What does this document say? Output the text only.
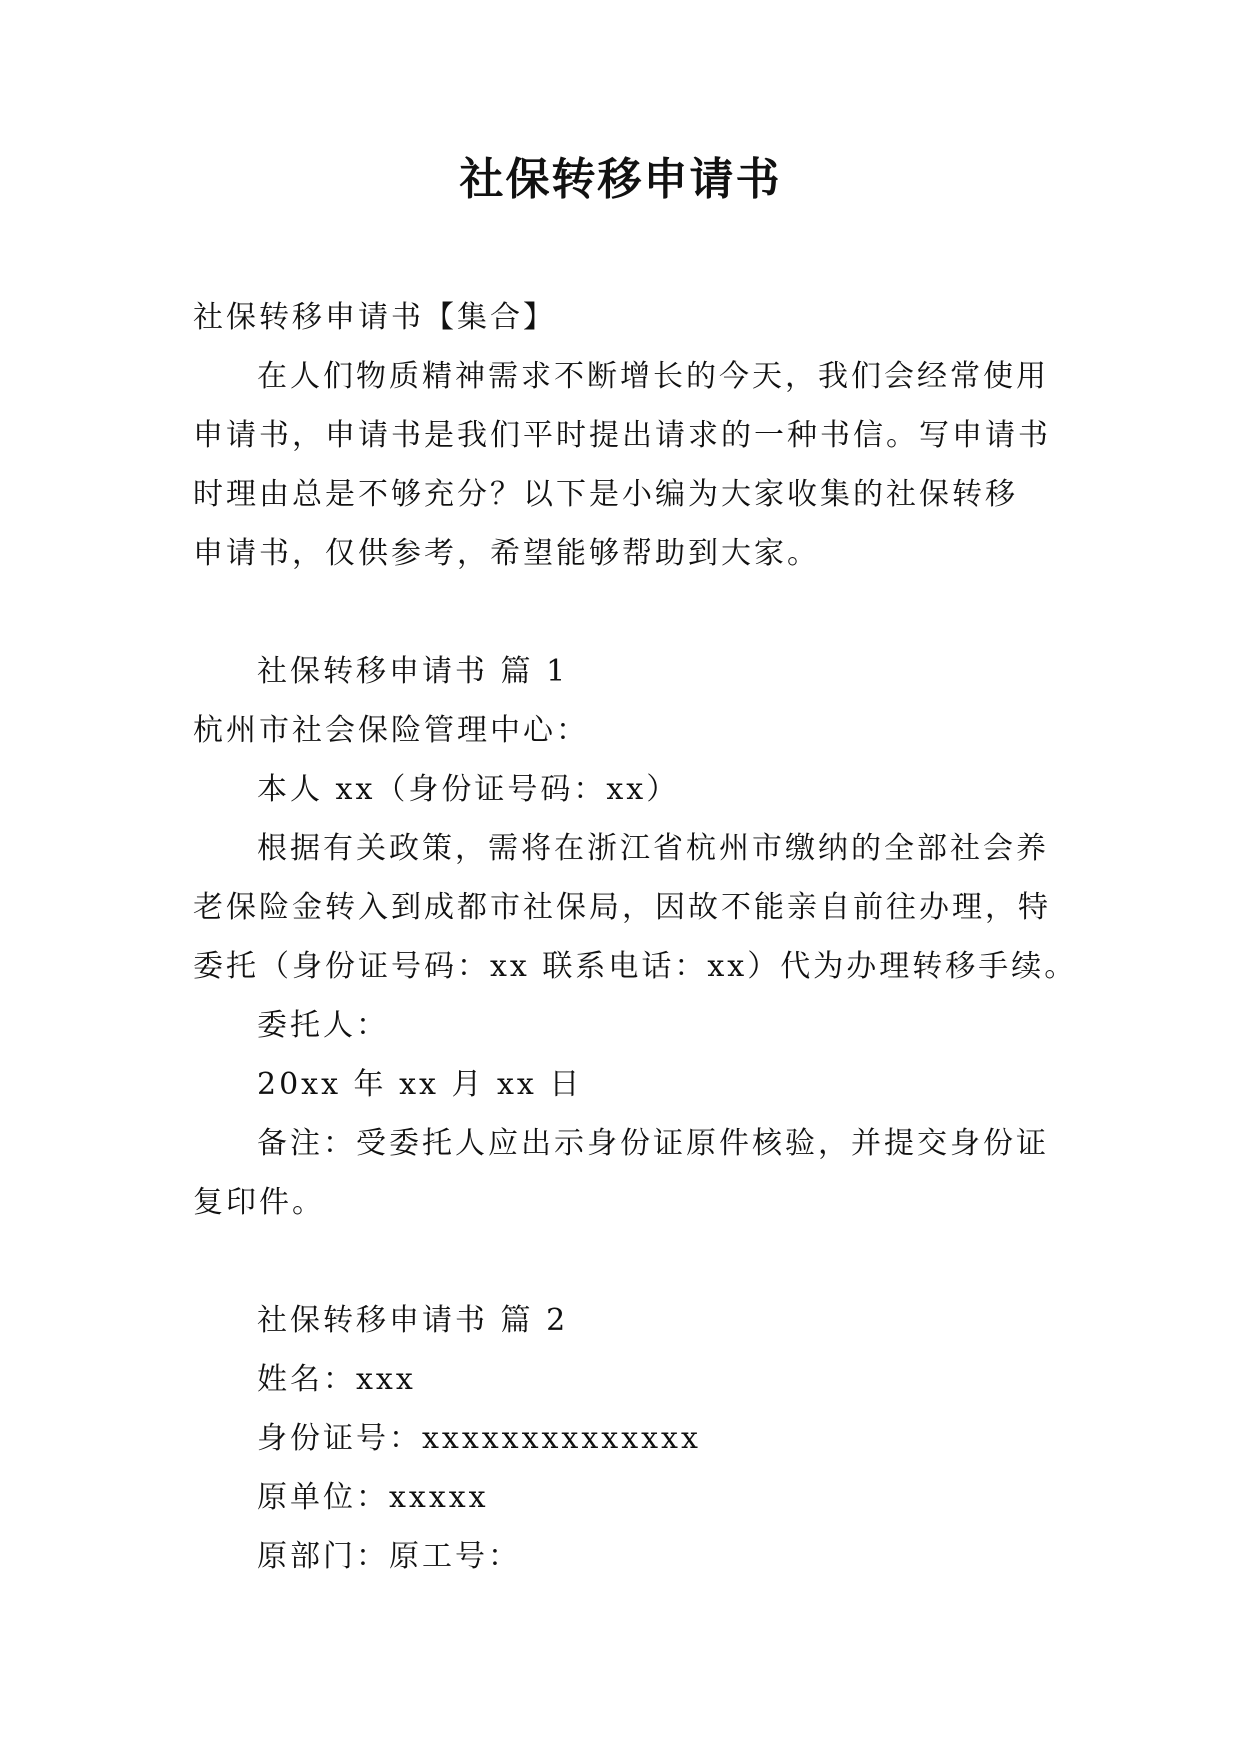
社保转移申请书

社保转移申请书【集合】

在人们物质精神需求不断增长的今天，我们会经常使用

申请书，申请书是我们平时提出请求的一种书信。写申请书

时理由总是不够充分？以下是小编为大家收集的社保转移

申请书，仅供参考，希望能够帮助到大家。

社保转移申请书 篇 1

杭州市社会保险管理中心：

本人 xx（身份证号码：xx）

根据有关政策，需将在浙江省杭州市缴纳的全部社会养

老保险金转入到成都市社保局，因故不能亲自前往办理，特

委托（身份证号码：xx 联系电话：xx）代为办理转移手续。

委托人：

20xx 年 xx 月 xx 日

备注：受委托人应出示身份证原件核验，并提交身份证

复印件。

社保转移申请书 篇 2

姓名：xxx

身份证号：xxxxxxxxxxxxxx

原单位：xxxxx

原部门：原工号：
